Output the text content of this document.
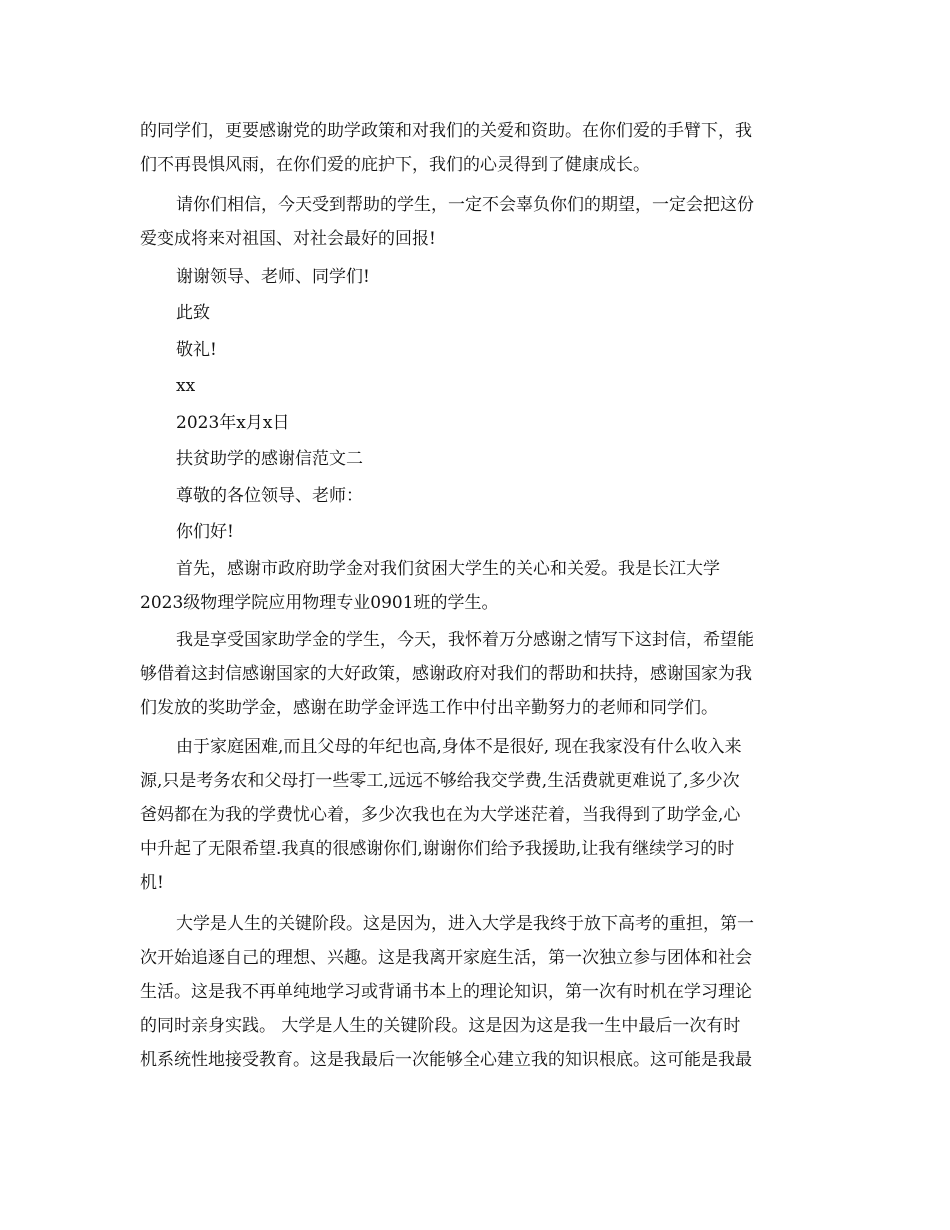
的同学们，更要感谢党的助学政策和对我们的关爱和资助。在你们爱的手臂下，我
们不再畏惧风雨，在你们爱的庇护下，我们的心灵得到了健康成长。
请你们相信，今天受到帮助的学生，一定不会辜负你们的期望，一定会把这份
爱变成将来对祖国、对社会最好的回报!
谢谢领导、老师、同学们!
此致
敬礼!
xx
2023年x月x日
扶贫助学的感谢信范文二
尊敬的各位领导、老师：
你们好!
首先，感谢市政府助学金对我们贫困大学生的关心和关爱。我是长江大学
2023级物理学院应用物理专业0901班的学生。
我是享受国家助学金的学生，今天，我怀着万分感谢之情写下这封信，希望能
够借着这封信感谢国家的大好政策，感谢政府对我们的帮助和扶持，感谢国家为我
们发放的奖助学金，感谢在助学金评选工作中付出辛勤努力的老师和同学们。
由于家庭困难,而且父母的年纪也高,身体不是很好, 现在我家没有什么收入来
源,只是考务农和父母打一些零工,远远不够给我交学费,生活费就更难说了,多少次
爸妈都在为我的学费忧心着，多少次我也在为大学迷茫着，当我得到了助学金,心
中升起了无限希望.我真的很感谢你们,谢谢你们给予我援助,让我有继续学习的时
机!
大学是人生的关键阶段。这是因为，进入大学是我终于放下高考的重担，第一
次开始追逐自己的理想、兴趣。这是我离开家庭生活，第一次独立参与团体和社会
生活。这是我不再单纯地学习或背诵书本上的理论知识，第一次有时机在学习理论
的同时亲身实践。 大学是人生的关键阶段。这是因为这是我一生中最后一次有时
机系统性地接受教育。这是我最后一次能够全心建立我的知识根底。这可能是我最
